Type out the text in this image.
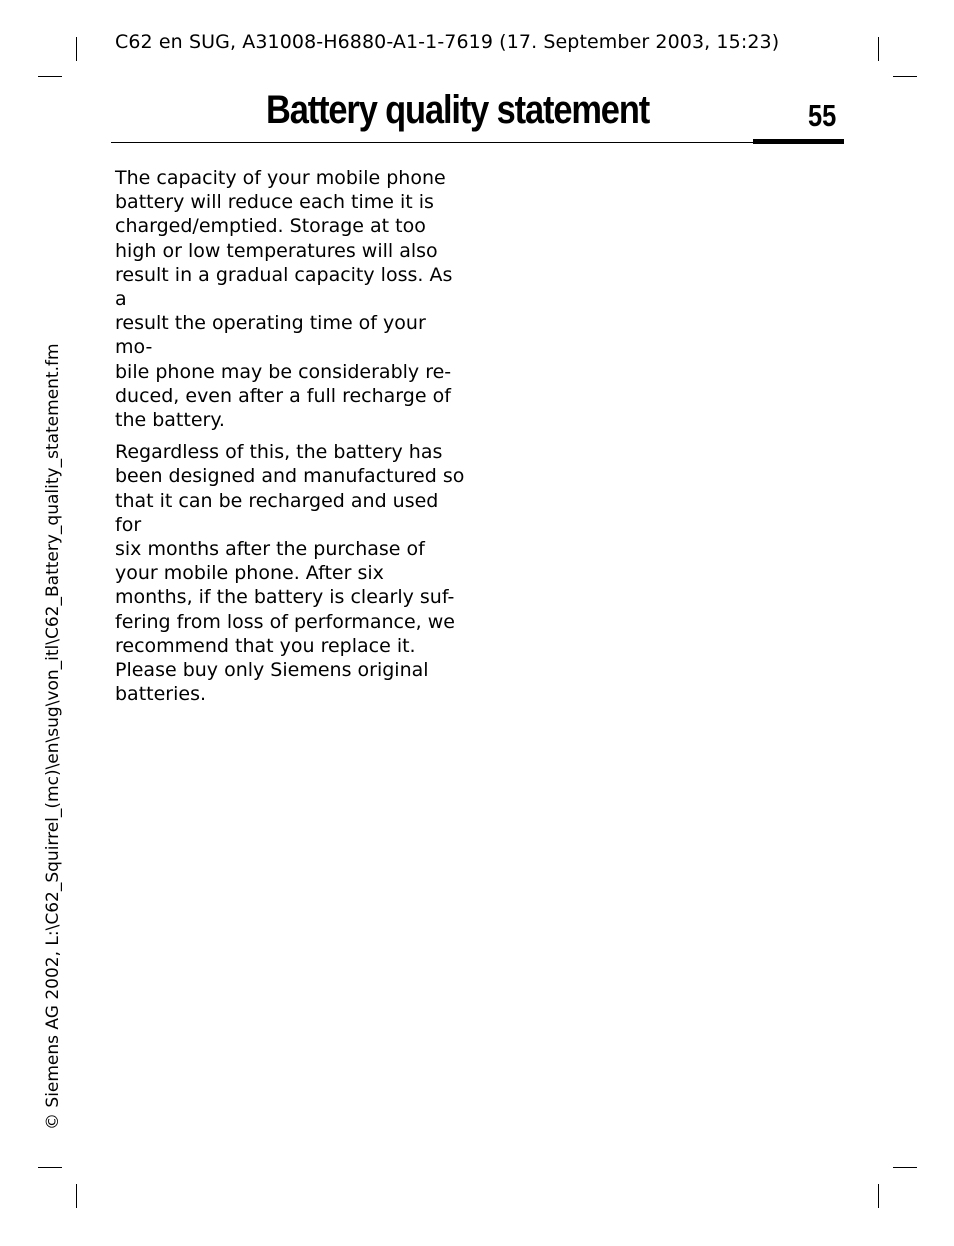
C62 en SUG, A31008-H6880-A1-1-7619 (17. September 2003, 15:23)
Battery quality statement	55

The capacity of your mobile phone
battery will reduce each time it is
charged/emptied. Storage at too
high or low temperatures will also
result in a gradual capacity loss. As a
result the operating time of your mo-
bile phone may be considerably re-
duced, even after a full recharge of
the battery.

Regardless of this, the battery has
been designed and manufactured so
that it can be recharged and used for
six months after the purchase of
your mobile phone. After six
months, if the battery is clearly suf-
fering from loss of performance, we
recommend that you replace it.
Please buy only Siemens original
batteries.

© Siemens AG 2002, L:\C62_Squirrel_(mc)\en\sug\von_itl\C62_Battery_quality_statement.fm
